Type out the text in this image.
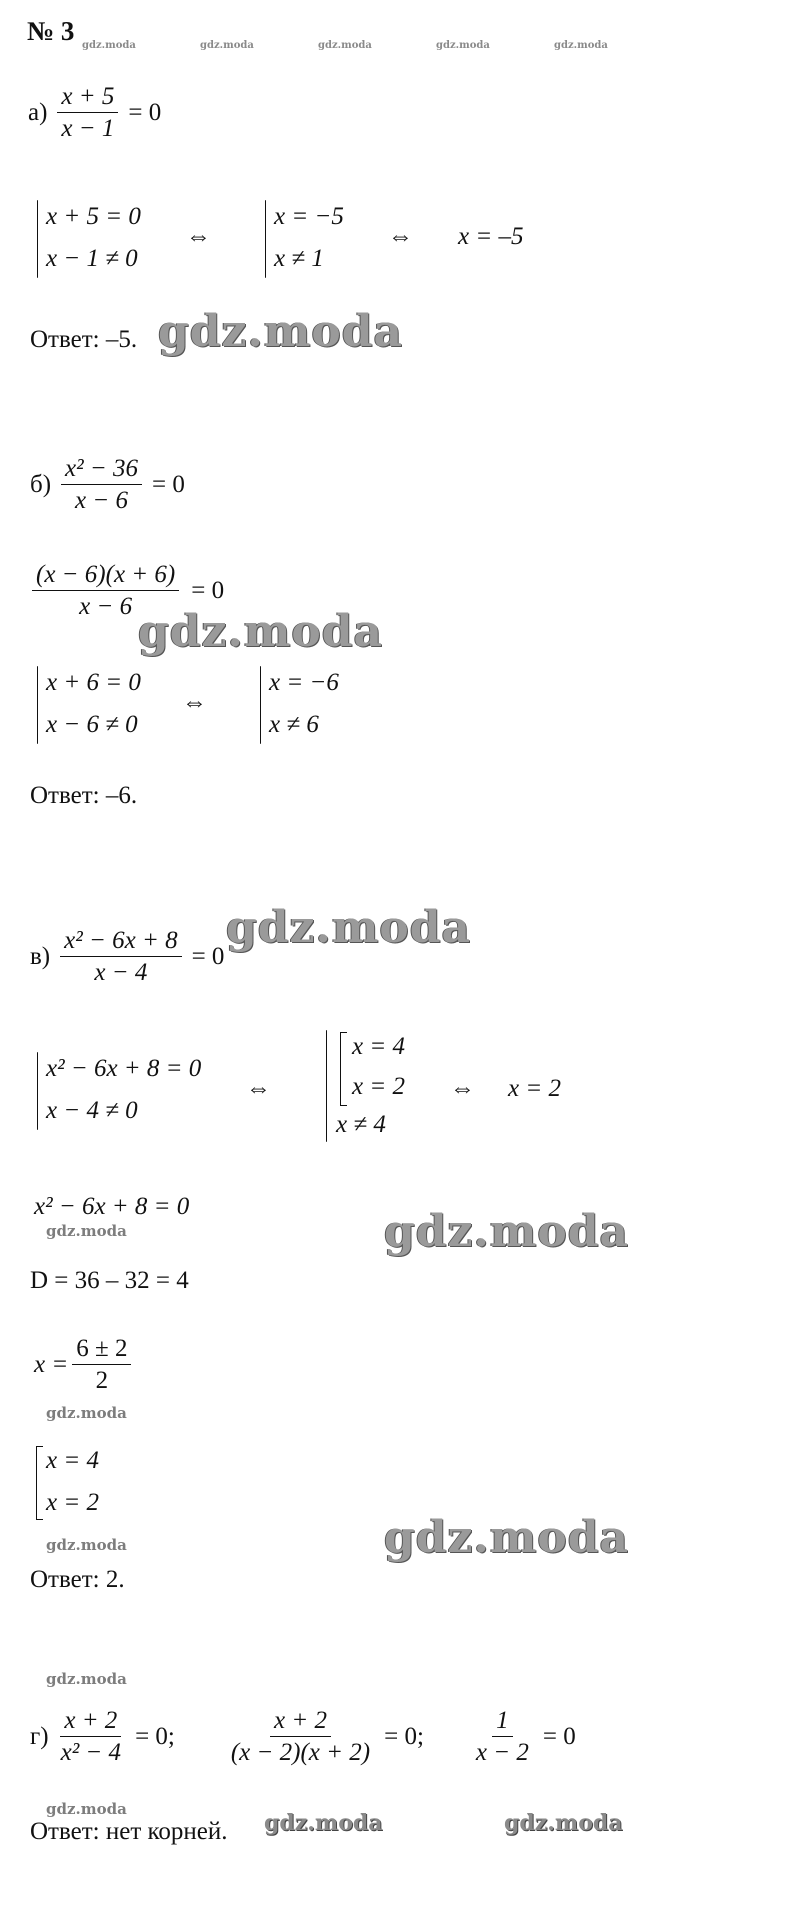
№ 3 gdz.moda	gdz.moda	gdz.moda	gdz.moda	gdz.moda
$а) \frac{x + 5}{x - 1} = 0$
x + 5 = 0
x − 1 ≠ 0
⇔
x = −5
x ≠ 1
⇔ x = –5
Ответ: –5. gdz.moda
$б) \frac{\text{x² − 36}}{x - 6} = 0$
$\frac{(x - 6)(x + 6)}{x - 6} = 0$
gdz.moda
x + 6 = 0
x − 6 ≠ 0
⇔
x = −6
x ≠ 6
Ответ: –6.
$в) \frac{\text{x² − 6x + 8}}{x - 4} = 0$
gdz.moda
x² − 6x + 8 = 0
x − 4 ≠ 0
⇔
x = 4
x = 2
x ≠ 4
⇔ x = 2
x² − 6x + 8 = 0
gdz.moda	gdz.moda
D = 36 – 32 = 4
$x = \frac{6 \pm 2}{2}$
gdz.moda
x = 4
x = 2
gdz.moda	gdz.moda
Ответ: 2.
gdz.moda
$г) \frac{x + 2}{\text{x² − 4}} = 0$; $\frac{x + 2}{(x - 2)(x + 2)} = 0$; $\frac{1}{x - 2} = 0$
gdz.moda
Ответ: нет корней. gdz.moda	gdz.moda
